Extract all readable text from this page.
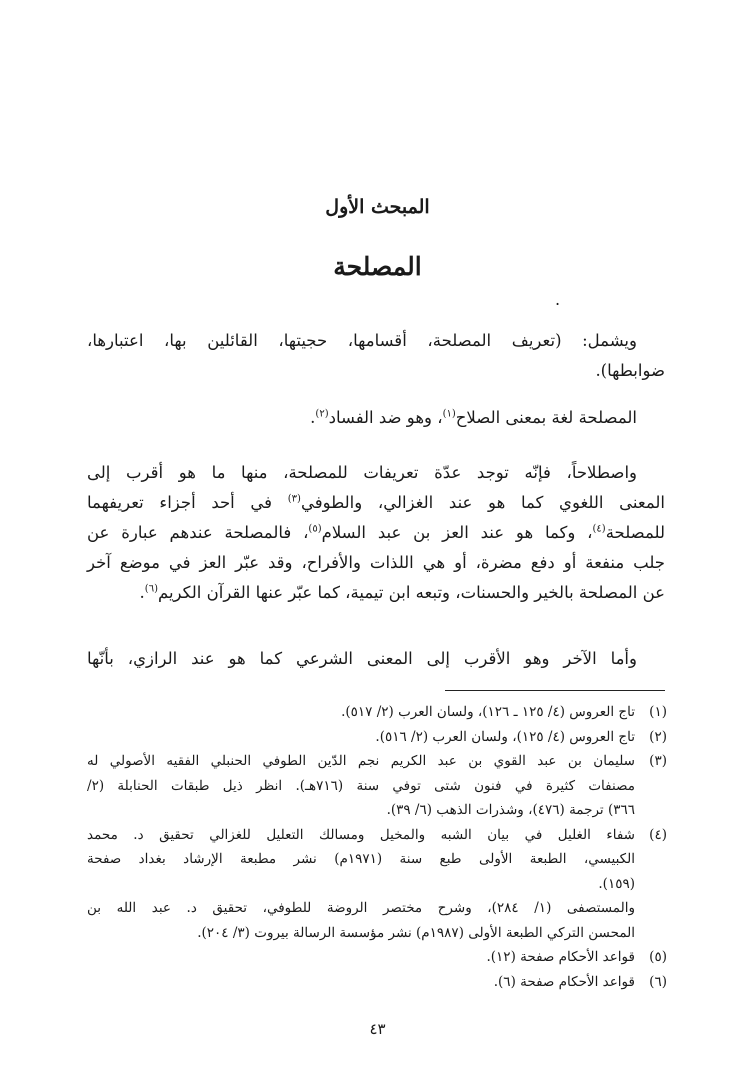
المبحث الأول
المصلحة
.
ويشمل: (تعريف المصلحة، أقسامها، حجيتها، القائلين بها، اعتبارها،
ضوابطها).
المصلحة لغة بمعنى الصلاح$^{(١)}$، وهو ضد الفساد$^{(٢)}$.
واصطلاحاً، فإنّه توجد عدّة تعريفات للمصلحة، منها ما هو أقرب إلى
المعنى اللغوي كما هو عند الغزالي، والطوفي$^{(٣)}$ في أحد أجزاء تعريفهما
للمصلحة$^{(٤)}$، وكما هو عند العز بن عبد السلام$^{(٥)}$، فالمصلحة عندهم عبارة عن
جلب منفعة أو دفع مضرة، أو هي اللذات والأفراح، وقد عبّر العز في موضع آخر
عن المصلحة بالخير والحسنات، وتبعه ابن تيمية، كما عبّر عنها القرآن الكريم$^{(٦)}$.
وأما الآخر وهو الأقرب إلى المعنى الشرعي كما هو عند الرازي، بأنّها
(١)
تاج العروس (٤/ ١٢٥ ـ ١٢٦)، ولسان العرب (٢/ ٥١٧).
(٢)
تاج العروس (٤/ ١٢٥)، ولسان العرب (٢/ ٥١٦).
(٣)
سليمان بن عبد القوي بن عبد الكريم نجم الدّين الطوفي الحنبلي الفقيه الأصولي له
مصنفات كثيرة في فنون شتى توفي سنة (٧١٦هـ). انظر ذيل طبقات الحنابلة (٢/
٣٦٦) ترجمة (٤٧٦)، وشذرات الذهب (٦/ ٣٩).
(٤)
شفاء الغليل في بيان الشبه والمخيل ومسالك التعليل للغزالي تحقيق د. محمد
الكبيسي، الطبعة الأولى طبع سنة (١٩٧١م) نشر مطبعة الإرشاد بغداد صفحة
(١٥٩).
والمستصفى (١/ ٢٨٤)، وشرح مختصر الروضة للطوفي، تحقيق د. عبد الله بن
المحسن التركي الطبعة الأولى (١٩٨٧م) نشر مؤسسة الرسالة بيروت (٣/ ٢٠٤).
(٥)
قواعد الأحكام صفحة (١٢).
(٦)
قواعد الأحكام صفحة (٦).
٤٣
